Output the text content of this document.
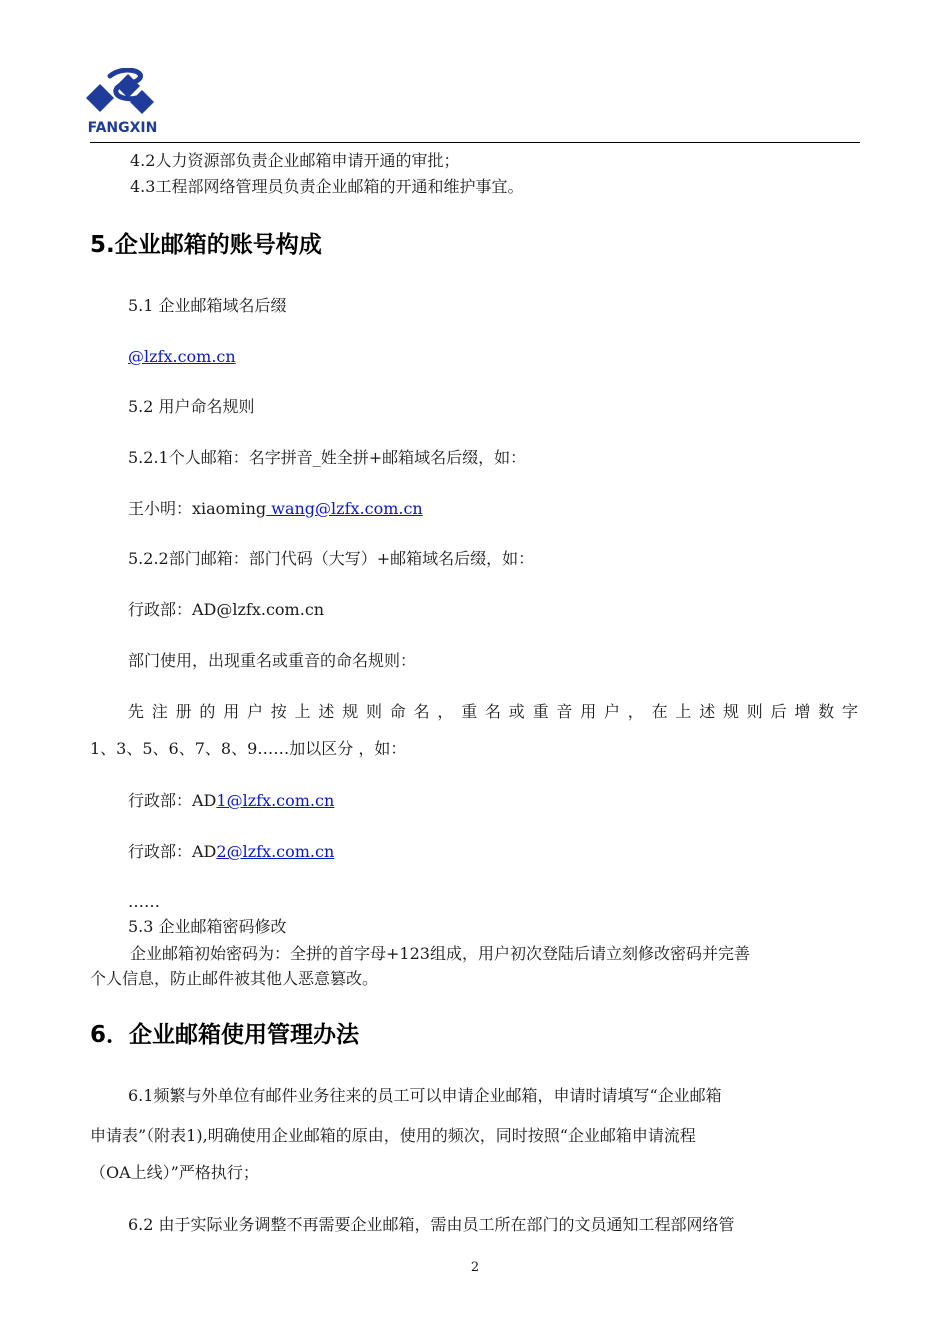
FANGXIN
4.2人力资源部负责企业邮箱申请开通的审批；
4.3工程部网络管理员负责企业邮箱的开通和维护事宜。
5.企业邮箱的账号构成
5.1 企业邮箱域名后缀
@lzfx.com.cn
5.2 用户命名规则
5.2.1个人邮箱：名字拼音_姓全拼+邮箱域名后缀，如：
王小明：xiaoming wang@lzfx.com.cn
5.2.2部门邮箱：部门代码（大写）+邮箱域名后缀，如：
行政部：AD@lzfx.com.cn
部门使用，出现重名或重音的命名规则：
先注册的用户按上述规则命名，重名或重音用户，在上述规则后增数字
1、3、5、6、7、8、9……加以区分 ，如：
行政部：AD1@lzfx.com.cn
行政部：AD2@lzfx.com.cn
……
5.3 企业邮箱密码修改
企业邮箱初始密码为：全拼的首字母+123组成，用户初次登陆后请立刻修改密码并完善
个人信息，防止邮件被其他人恶意篡改。
6．企业邮箱使用管理办法
6.1频繁与外单位有邮件业务往来的员工可以申请企业邮箱，申请时请填写“企业邮箱
申请表”（附表1),明确使用企业邮箱的原由，使用的频次，同时按照“企业邮箱申请流程
（OA上线）”严格执行；
6.2 由于实际业务调整不再需要企业邮箱，需由员工所在部门的文员通知工程部网络管
2
